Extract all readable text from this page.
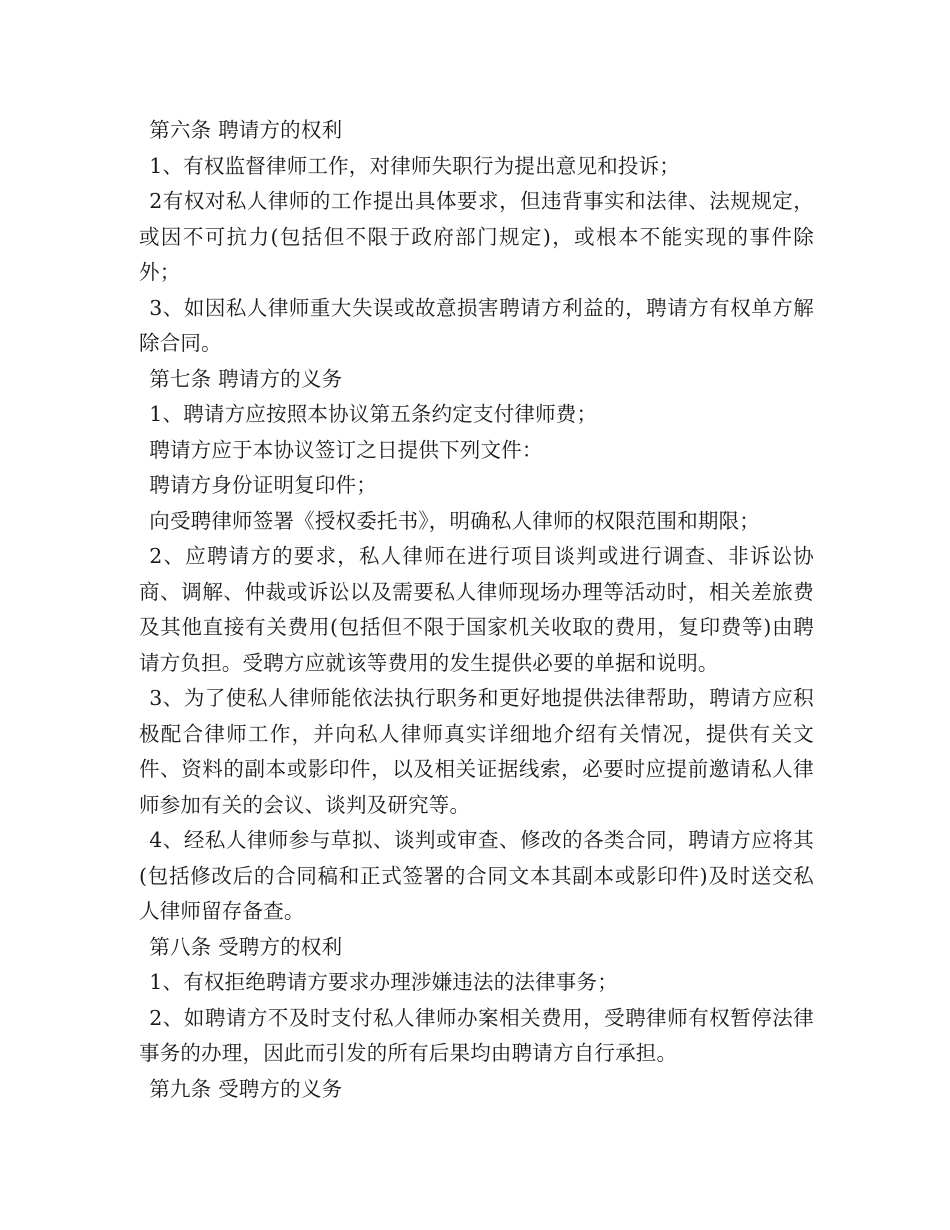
第六条 聘请方的权利

1、有权监督律师工作，对律师失职行为提出意见和投诉；

2有权对私人律师的工作提出具体要求，但违背事实和法律、法规规定，或因不可抗力(包括但不限于政府部门规定)，或根本不能实现的事件除外；

3、如因私人律师重大失误或故意损害聘请方利益的，聘请方有权单方解除合同。

第七条 聘请方的义务

1、聘请方应按照本协议第五条约定支付律师费；

聘请方应于本协议签订之日提供下列文件：

聘请方身份证明复印件；

向受聘律师签署《授权委托书》，明确私人律师的权限范围和期限；

2、应聘请方的要求，私人律师在进行项目谈判或进行调查、非诉讼协商、调解、仲裁或诉讼以及需要私人律师现场办理等活动时，相关差旅费及其他直接有关费用(包括但不限于国家机关收取的费用，复印费等)由聘请方负担。受聘方应就该等费用的发生提供必要的单据和说明。

3、为了使私人律师能依法执行职务和更好地提供法律帮助，聘请方应积极配合律师工作，并向私人律师真实详细地介绍有关情况，提供有关文件、资料的副本或影印件，以及相关证据线索，必要时应提前邀请私人律师参加有关的会议、谈判及研究等。

4、经私人律师参与草拟、谈判或审查、修改的各类合同，聘请方应将其(包括修改后的合同稿和正式签署的合同文本其副本或影印件)及时送交私人律师留存备查。

第八条 受聘方的权利

1、有权拒绝聘请方要求办理涉嫌违法的法律事务；

2、如聘请方不及时支付私人律师办案相关费用，受聘律师有权暂停法律事务的办理，因此而引发的所有后果均由聘请方自行承担。

第九条 受聘方的义务
